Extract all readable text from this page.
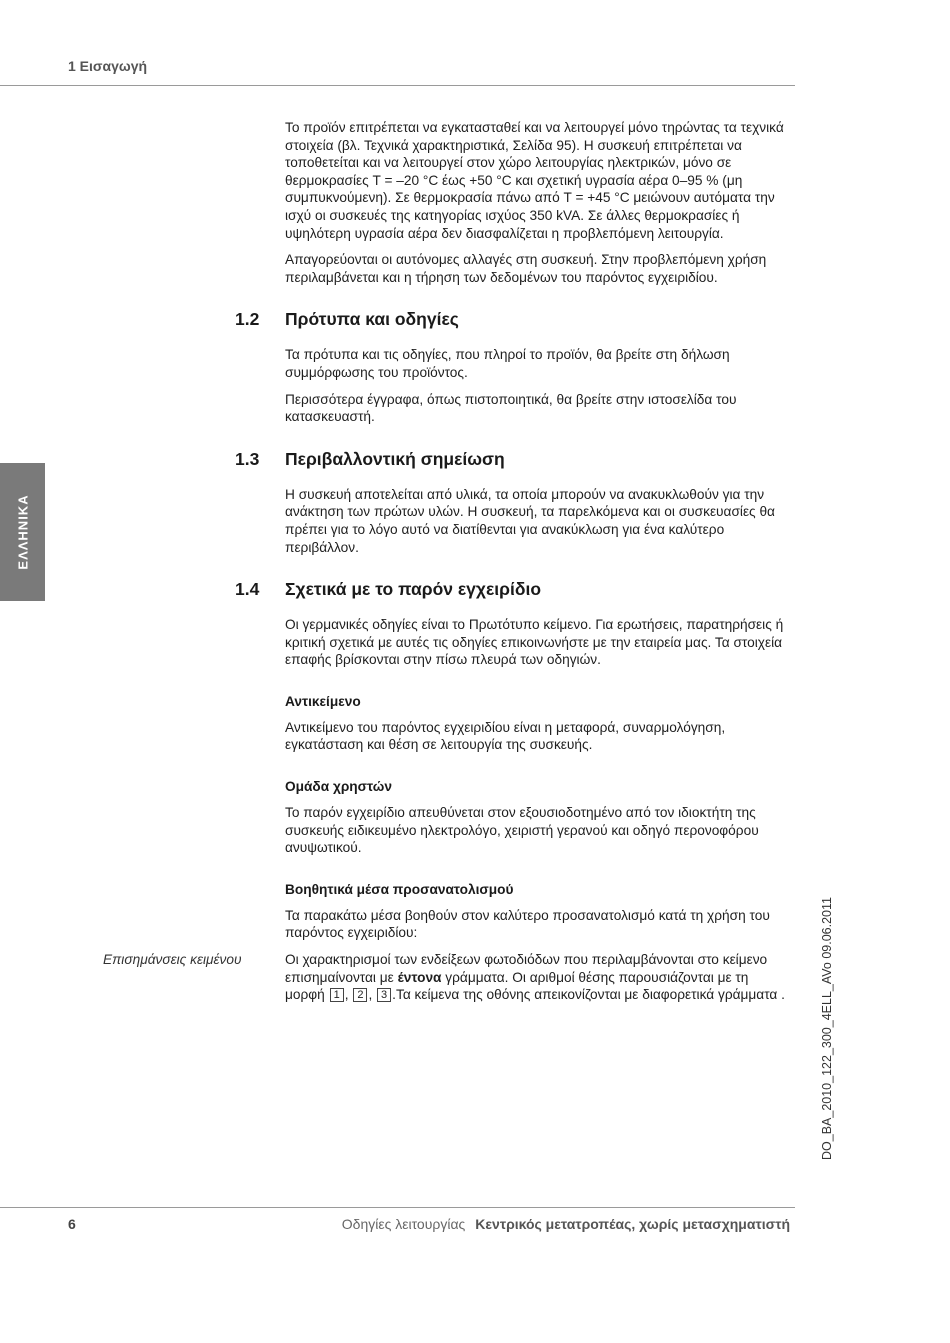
1 Εισαγωγή
ΕΛΛΗΝΙΚΑ
DO_BA_2010_122_300_4ELL_AVo 09.06.2011

Το προϊόν επιτρέπεται να εγκατασταθεί και να λειτουργεί μόνο τηρώντας τα τεχνικά στοιχεία (βλ. Τεχνικά χαρακτηριστικά, Σελίδα 95). Η συσκευή επιτρέπεται να τοποθετείται και να λειτουργεί στον χώρο λειτουργίας ηλεκτρικών, μόνο σε θερμοκρασίες T = –20 °C έως +50 °C και σχετική υγρασία αέρα 0–95 % (μη συμπυκνούμενη). Σε θερμοκρασία πάνω από T = +45 °C μειώνουν αυτόματα την ισχύ οι συσκευές της κατηγορίας ισχύος 350 kVA. Σε άλλες θερμοκρασίες ή υψηλότερη υγρασία αέρα δεν διασφαλίζεται η προβλεπόμενη λειτουργία.

Απαγορεύονται οι αυτόνομες αλλαγές στη συσκευή. Στην προβλεπόμενη χρήση περιλαμβάνεται και η τήρηση των δεδομένων του παρόντος εγχειριδίου.

1.2 Πρότυπα και οδηγίες

Τα πρότυπα και τις οδηγίες, που πληροί το προϊόν, θα βρείτε στη δήλωση συμμόρφωσης του προϊόντος.

Περισσότερα έγγραφα, όπως πιστοποιητικά, θα βρείτε στην ιστοσελίδα του κατασκευαστή.

1.3 Περιβαλλοντική σημείωση

Η συσκευή αποτελείται από υλικά, τα οποία μπορούν να ανακυκλωθούν για την ανάκτηση των πρώτων υλών. Η συσκευή, τα παρελκόμενα και οι συσκευασίες θα πρέπει για το λόγο αυτό να διατίθενται για ανακύκλωση για ένα καλύτερο περιβάλλον.

1.4 Σχετικά με το παρόν εγχειρίδιο

Οι γερμανικές οδηγίες είναι το Πρωτότυπο κείμενο. Για ερωτήσεις, παρατηρήσεις ή κριτική σχετικά με αυτές τις οδηγίες επικοινωνήστε με την εταιρεία μας. Τα στοιχεία επαφής βρίσκονται στην πίσω πλευρά των οδηγιών.

Αντικείμενο

Αντικείμενο του παρόντος εγχειριδίου είναι η μεταφορά, συναρμολόγηση, εγκατάσταση και θέση σε λειτουργία της συσκευής.

Ομάδα χρηστών

Το παρόν εγχειρίδιο απευθύνεται στον εξουσιοδοτημένο από τον ιδιοκτήτη της συσκευής ειδικευμένο ηλεκτρολόγο, χειριστή γερανού και οδηγό περονοφόρου ανυψωτικού.

Βοηθητικά μέσα προσανατολισμού

Τα παρακάτω μέσα βοηθούν στον καλύτερο προσανατολισμό κατά τη χρήση του παρόντος εγχειριδίου:

Επισημάνσεις κειμένου	Οι χαρακτηρισμοί των ενδείξεων φωτοδιόδων που περιλαμβάνονται στο κείμενο επισημαίνονται με έντονα γράμματα. Οι αριθμοί θέσης παρουσιάζονται με τη μορφή 1 , 2 , 3 .Τα κείμενα της οθόνης απεικονίζονται με διαφορετικά γράμματα .

6	Οδηγίες λειτουργίας Κεντρικός μετατροπέας, χωρίς μετασχηματιστή
